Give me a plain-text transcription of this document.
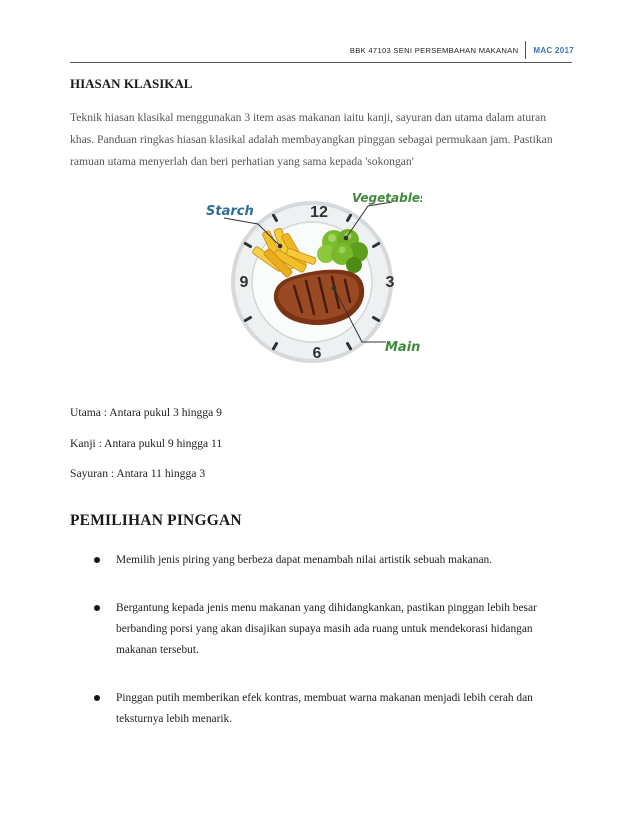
BBK 47103 SENI PERSEMBAHAN MAKANAN	MAC 2017
HIASAN KLASIKAL

Teknik hiasan klasikal menggunakan 3 item asas makanan iaitu kanji, sayuran dan utama dalam aturan khas. Panduan ringkas hiasan klasikal adalah membayangkan pinggan sebagai permukaan jam. Pastikan ramuan utama menyerlah dan beri perhatian yang sama kepada 'sokongan'

12
3
6
9
Starch
Vegetables
Main

Utama : Antara pukul 3 hingga 9

Kanji : Antara pukul 9 hingga 11

Sayuran : Antara 11 hingga 3

PEMILIHAN PINGGAN
Memilih jenis piring yang berbeza dapat menambah nilai artistik sebuah makanan.
Bergantung kepada jenis menu makanan yang dihidangkankan, pastikan pinggan lebih besar berbanding porsi yang akan disajikan supaya masih ada ruang untuk mendekorasi hidangan makanan tersebut.
Pinggan putih memberikan efek kontras, membuat warna makanan menjadi lebih cerah dan teksturnya lebih menarik.
